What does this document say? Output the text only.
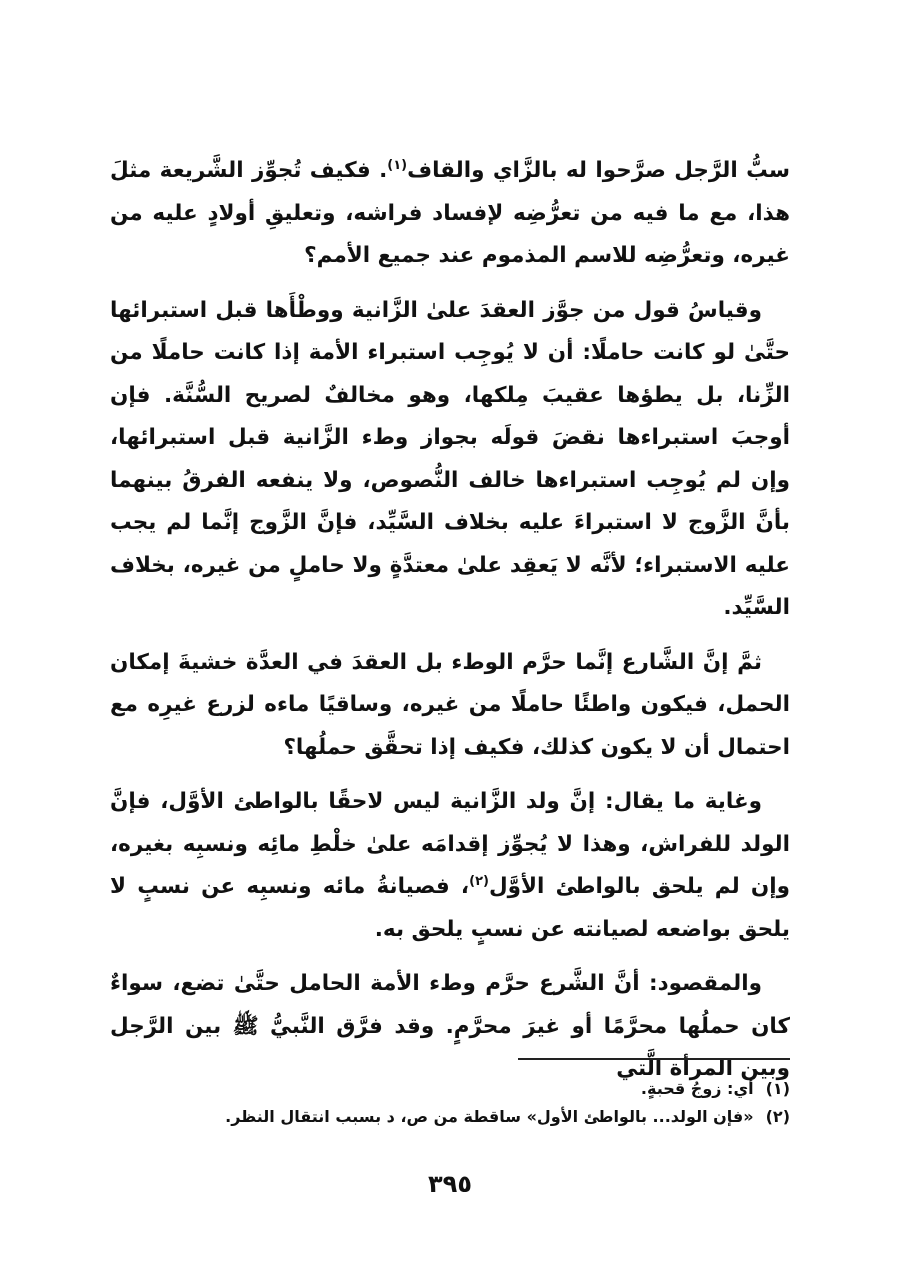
سبُّ الرَّجل صرَّحوا له بالزَّاي والقاف$^{(١)}$. فكيف تُجوِّز الشَّريعة مثلَ هذا، مع ما فيه من تعرُّضِه لإفساد فراشه، وتعليقِ أولادٍ عليه من غيره، وتعرُّضِه للاسم المذموم عند جميع الأمم؟

وقياسُ قول من جوَّز العقدَ علىٰ الزَّانية ووطْأَها قبل استبرائها حتَّىٰ لو كانت حاملًا: أن لا يُوجِب استبراء الأمة إذا كانت حاملًا من الزِّنا، بل يطؤها عقيبَ مِلكها، وهو مخالفٌ لصريح السُّنَّة. فإن أوجبَ استبراءها نقضَ قولَه بجواز وطء الزَّانية قبل استبرائها، وإن لم يُوجِب استبراءها خالف النُّصوص، ولا ينفعه الفرقُ بينهما بأنَّ الزَّوج لا استبراءَ عليه بخلاف السَّيِّد، فإنَّ الزَّوج إنَّما لم يجب عليه الاستبراء؛ لأنَّه لا يَعقِد علىٰ معتدَّةٍ ولا حاملٍ من غيره، بخلاف السَّيِّد.

ثمَّ إنَّ الشَّارع إنَّما حرَّم الوطء بل العقدَ في العدَّة خشيةَ إمكان الحمل، فيكون واطئًا حاملًا من غيره، وساقيًا ماءه لزرع غيرِه مع احتمال أن لا يكون كذلك، فكيف إذا تحقَّق حملُها؟

وغاية ما يقال: إنَّ ولد الزَّانية ليس لاحقًا بالواطئ الأوَّل، فإنَّ الولد للفراش، وهذا لا يُجوِّز إقدامَه علىٰ خلْطِ مائِه ونسبِه بغيره، وإن لم يلحق بالواطئ الأوَّل$^{(٢)}$، فصيانةُ مائه ونسبِه عن نسبٍ لا يلحق بواضعه لصيانته عن نسبٍ يلحق به.

والمقصود: أنَّ الشَّرع حرَّم وطء الأمة الحامل حتَّىٰ تضع، سواءٌ كان حملُها محرَّمًا أو غيرَ محرَّمٍ. وقد فرَّق النَّبيُّ ﷺ بين الرَّجل وبين المرأة الَّتي

(١)أي: زوجُ قحبةٍ.

(٢)«فإن الولد... بالواطئ الأول» ساقطة من ص، د بسبب انتقال النظر.

٣٩٥
